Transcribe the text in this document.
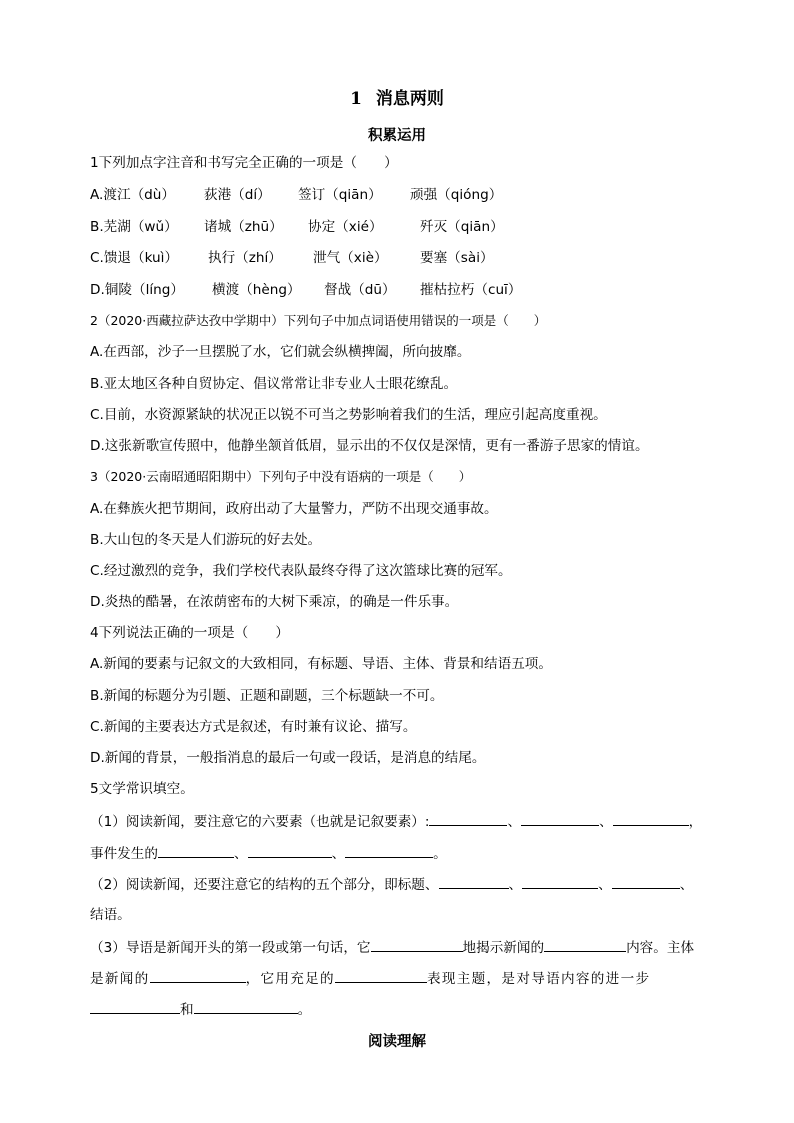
1 消息两则
积累运用
1下列加点字注音和书写完全正确的一项是（　　）
A.渡江（dù） 荻港（dí） 签订（qiān） 顽强（qióng）
B.芜湖（wǔ） 诸城（zhū） 协定（xié）	歼灭（qiān）
C.馈退（kuì） 执行（zhí） 泄气（xiè） 要塞（sài）
D.铜陵（líng） 横渡（hèng） 督战（dū） 摧枯拉朽（cuī）
2（2020·西藏拉萨达孜中学期中）下列句子中加点词语使用错误的一项是（　　）
A.在西部，沙子一旦摆脱了水，它们就会纵横捭阖，所向披靡。
B.亚太地区各种自贸协定、倡议常常让非专业人士眼花缭乱。
C.目前，水资源紧缺的状况正以锐不可当之势影响着我们的生活，理应引起高度重视。
D.这张新歌宣传照中，他静坐颔首低眉，显示出的不仅仅是深情，更有一番游子思家的情谊。
3（2020·云南昭通昭阳期中）下列句子中没有语病的一项是（　　）
A.在彝族火把节期间，政府出动了大量警力，严防不出现交通事故。
B.大山包的冬天是人们游玩的好去处。
C.经过激烈的竞争，我们学校代表队最终夺得了这次篮球比赛的冠军。
D.炎热的酷暑，在浓荫密布的大树下乘凉，的确是一件乐事。
4下列说法正确的一项是（　　）
A.新闻的要素与记叙文的大致相同，有标题、导语、主体、背景和结语五项。
B.新闻的标题分为引题、正题和副题，三个标题缺一不可。
C.新闻的主要表达方式是叙述，有时兼有议论、描写。
D.新闻的背景，一般指消息的最后一句或一段话，是消息的结尾。
5文学常识填空。
（1）阅读新闻，要注意它的六要素（也就是记叙要素）:	、	、	，
事件发生的	、	、	。
（2）阅读新闻，还要注意它的结构的五个部分，即标题、	、	、	、
结语。
（3）导语是新闻开头的第一段或第一句话，它	地揭示新闻的	内容。主体
是新闻的	，它用充足的	表现主题，是对导语内容的进一步
和	。
阅读理解
